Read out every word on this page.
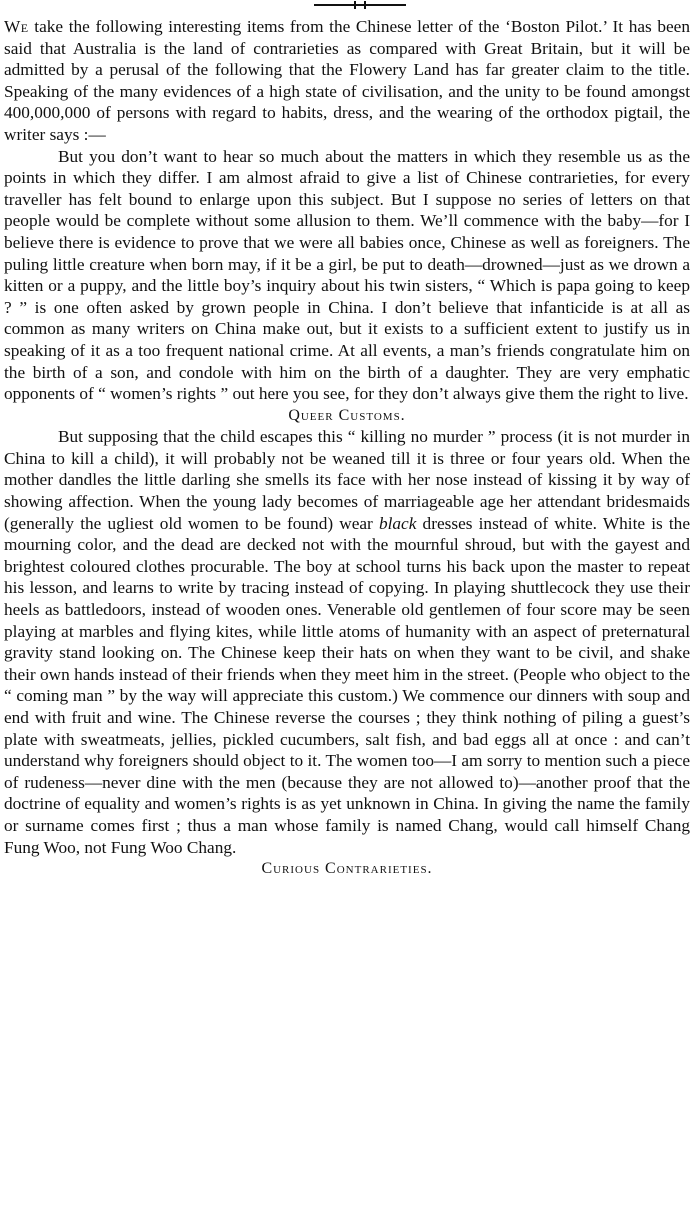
We take the following interesting items from the Chinese letter of the ‘Boston Pilot.’ It has been said that Australia is the land of contrarieties as compared with Great Britain, but it will be admitted by a perusal of the following that the Flowery Land has far greater claim to the title. Speaking of the many evidences of a high state of civilisation, and the unity to be found amongst 400,000,000 of persons with regard to habits, dress, and the wearing of the orthodox pigtail, the writer says :—

But you don’t want to hear so much about the matters in which they resemble us as the points in which they differ. I am almost afraid to give a list of Chinese contrarieties, for every traveller has felt bound to enlarge upon this subject. But I suppose no series of letters on that people would be complete without some allusion to them. We’ll commence with the baby—for I believe there is evidence to prove that we were all babies once, Chinese as well as foreigners. The puling little creature when born may, if it be a girl, be put to death—drowned—just as we drown a kitten or a puppy, and the little boy’s inquiry about his twin sisters, “ Which is papa going to keep ? ” is one often asked by grown people in China. I don’t believe that infanticide is at all as common as many writers on China make out, but it exists to a sufficient extent to justify us in speaking of it as a too frequent national crime. At all events, a man’s friends congratulate him on the birth of a son, and condole with him on the birth of a daughter. They are very emphatic opponents of “ women’s rights ” out here you see, for they don’t always give them the right to live.

Queer Customs.

But supposing that the child escapes this “ killing no murder ” process (it is not murder in China to kill a child), it will probably not be weaned till it is three or four years old. When the mother dandles the little darling she smells its face with her nose instead of kissing it by way of showing affection. When the young lady becomes of marriageable age her attendant bridesmaids (generally the ugliest old women to be found) wear black dresses instead of white. White is the mourning color, and the dead are decked not with the mournful shroud, but with the gayest and brightest coloured clothes procurable. The boy at school turns his back upon the master to repeat his lesson, and learns to write by tracing instead of copying. In playing shuttlecock they use their heels as battledoors, instead of wooden ones. Venerable old gentlemen of four score may be seen playing at marbles and flying kites, while little atoms of humanity with an aspect of preternatural gravity stand looking on. The Chinese keep their hats on when they want to be civil, and shake their own hands instead of their friends when they meet him in the street. (People who object to the “ coming man ” by the way will appreciate this custom.) We commence our dinners with soup and end with fruit and wine. The Chinese reverse the courses ; they think nothing of piling a guest’s plate with sweatmeats, jellies, pickled cucumbers, salt fish, and bad eggs all at once : and can’t understand why foreigners should object to it. The women too—I am sorry to mention such a piece of rudeness—never dine with the men (because they are not allowed to)—another proof that the doctrine of equality and women’s rights is as yet unknown in China. In giving the name the family or surname comes first ; thus a man whose family is named Chang, would call himself Chang Fung Woo, not Fung Woo Chang.

Curious Contrarieties.
